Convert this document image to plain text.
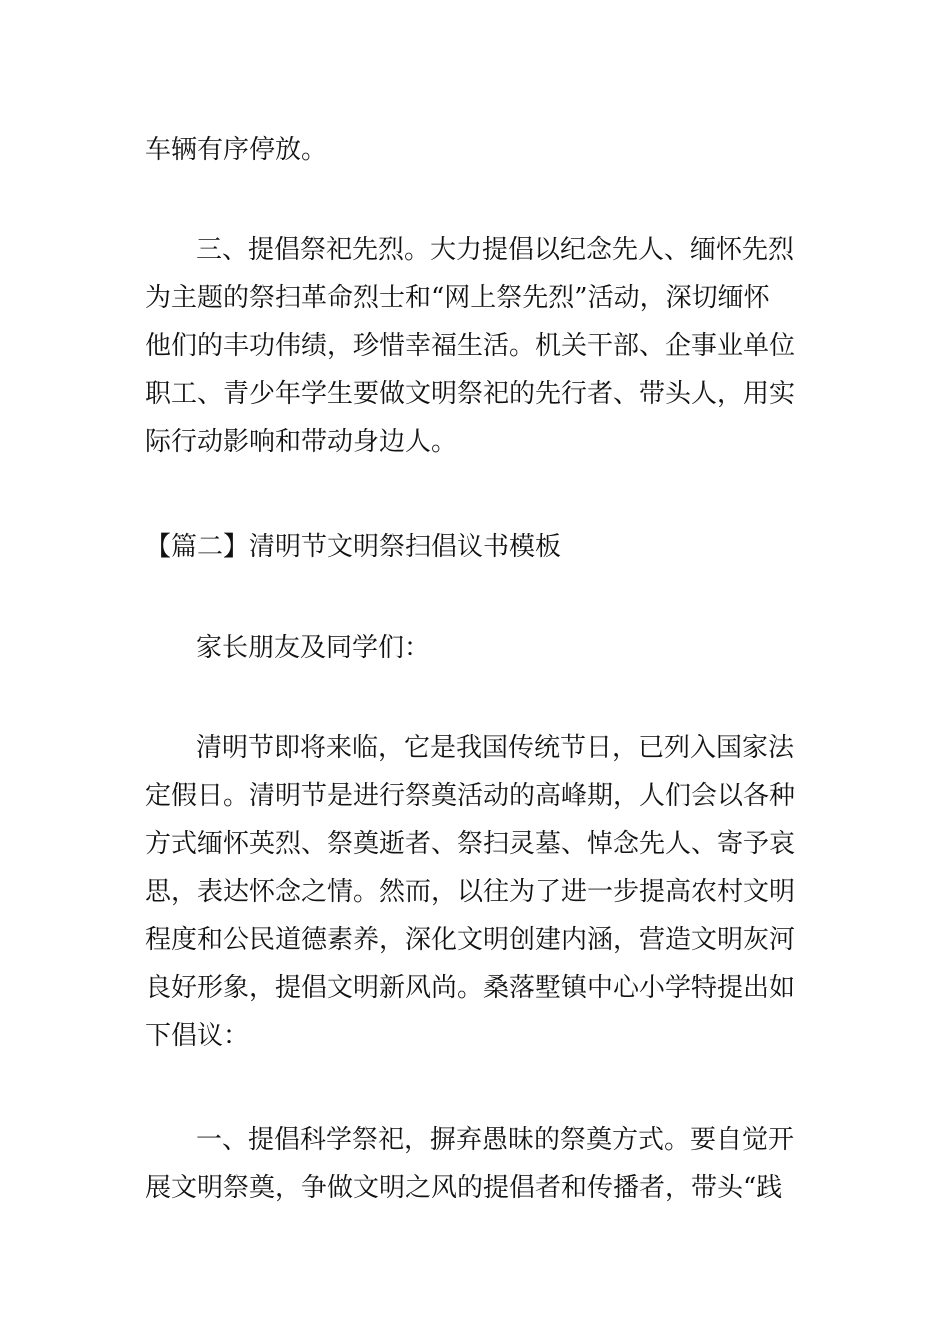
车辆有序停放。
三、提倡祭祀先烈。大力提倡以纪念先人、缅怀先烈
为主题的祭扫革命烈士和“网上祭先烈”活动，深切缅怀
他们的丰功伟绩，珍惜幸福生活。机关干部、企事业单位
职工、青少年学生要做文明祭祀的先行者、带头人，用实
际行动影响和带动身边人。
【篇二】清明节文明祭扫倡议书模板
家长朋友及同学们：
清明节即将来临，它是我国传统节日，已列入国家法
定假日。清明节是进行祭奠活动的高峰期，人们会以各种
方式缅怀英烈、祭奠逝者、祭扫灵墓、悼念先人、寄予哀
思，表达怀念之情。然而，以往为了进一步提高农村文明
程度和公民道德素养，深化文明创建内涵，营造文明灰河
良好形象，提倡文明新风尚。桑落墅镇中心小学特提出如
下倡议：
一、提倡科学祭祀，摒弃愚昧的祭奠方式。要自觉开
展文明祭奠，争做文明之风的提倡者和传播者，带头“践
